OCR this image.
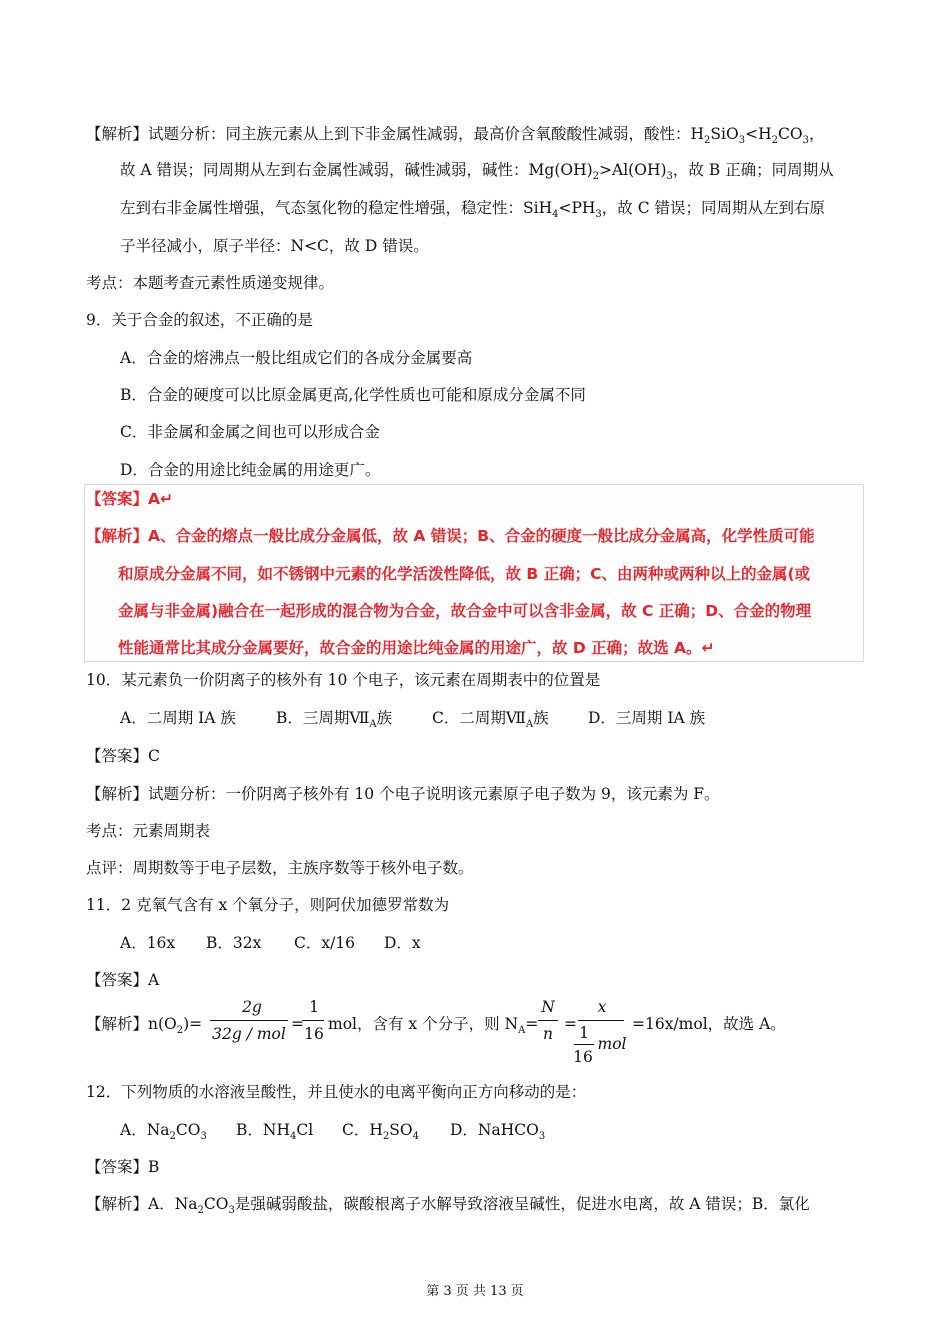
【解析】试题分析：同主族元素从上到下非金属性减弱，最高价含氧酸酸性减弱，酸性：$H_2SiO_3<H_2CO_3$，
故 A 错误；同周期从左到右金属性减弱，碱性减弱，碱性：$Mg(OH)_2>Al(OH)_3$，故 B 正确；同周期从
左到右非金属性增强，气态氢化物的稳定性增强，稳定性：$SiH_4<PH_3$，故 C 错误；同周期从左到右原
子半径减小，原子半径：N<C，故 D 错误。
考点：本题考查元素性质递变规律。
9．关于合金的叙述，不正确的是
A．合金的熔沸点一般比组成它们的各成分金属要高
B．合金的硬度可以比原金属更高,化学性质也可能和原成分金属不同
C．非金属和金属之间也可以形成合金
D．合金的用途比纯金属的用途更广。
【答案】A↵
【解析】A、合金的熔点一般比成分金属低，故 A 错误；B、合金的硬度一般比成分金属高，化学性质可能
和原成分金属不同，如不锈钢中元素的化学活泼性降低，故 B 正确；C、由两种或两种以上的金属(或
金属与非金属)融合在一起形成的混合物为合金，故合金中可以含非金属，故 C 正确；D、合金的物理
性能通常比其成分金属要好，故合金的用途比纯金属的用途广，故 D 正确；故选 A。↵
10．某元素负一价阴离子的核外有 10 个电子，该元素在周期表中的位置是
A．二周期 IA 族	B．三周期$Ⅶ_A$族	C．二周期$Ⅶ_A$族	D．三周期 IA 族
【答案】C
【解析】试题分析：一价阴离子核外有 10 个电子说明该元素原子电子数为 9，该元素为 F。
考点：元素周期表
点评：周期数等于电子层数，主族序数等于核外电子数。
11．2 克氧气含有 x 个氧分子，则阿伏加德罗常数为
A．16x B．32x C．x/16 D．x
【答案】A
【解析】$n(O_2)=$
2g
32g / mol
=
1
16
mol，含有 x 个分子，则 $N_A=$
N
n
=
x
1
16
mol
=16x/mol，故选 A。
12．下列物质的水溶液呈酸性，并且使水的电离平衡向正方向移动的是：
A．$Na_2CO_3$ B．$NH_4Cl$ C．$H_2SO_4$ D．NaHCO$_3$
【答案】B
【解析】A．$Na_2CO_3$是强碱弱酸盐，碳酸根离子水解导致溶液呈碱性，促进水电离，故 A 错误；B．氯化
第 3 页 共 13 页
